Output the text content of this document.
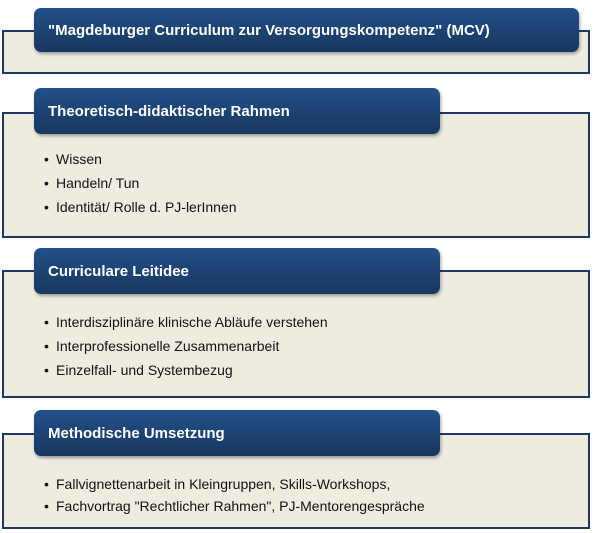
"Magdeburger Curriculum zur Versorgungskompetenz" (MCV)
Theoretisch-didaktischer Rahmen
• Wissen
• Handeln/ Tun
• Identität/ Rolle d. PJ-lerInnen
Curriculare Leitidee
• Interdisziplinäre klinische Abläufe verstehen
• Interprofessionelle Zusammenarbeit
• Einzelfall- und Systembezug
Methodische Umsetzung
• Fallvignettenarbeit in Kleingruppen, Skills-Workshops,
• Fachvortrag "Rechtlicher Rahmen", PJ-Mentorengespräche
